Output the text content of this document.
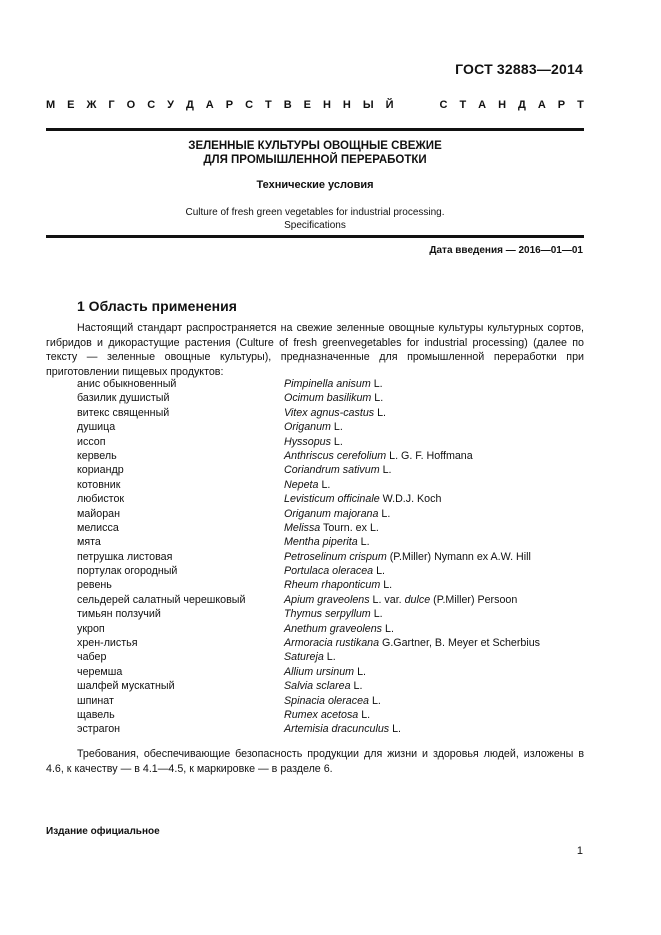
ГОСТ 32883—2014
М Е Ж Г О С У Д А Р С Т В Е Н Н Ы Й	С Т А Н Д А Р Т
ЗЕЛЕННЫЕ КУЛЬТУРЫ ОВОЩНЫЕ СВЕЖИЕ
ДЛЯ ПРОМЫШЛЕННОЙ ПЕРЕРАБОТКИ
Технические условия
Culture of fresh green vegetables for industrial processing.
Specifications
Дата введения — 2016—01—01
1 Область применения

Настоящий стандарт распространяется на свежие зеленные овощные культуры культурных сортов, гибридов и дикорастущие растения (Culture of fresh greenvegetables for industrial processing) (далее по тексту — зеленные овощные культуры), предназначенные для промышленной переработки при приготовлении пищевых продуктов:

анис обыкновенный	Pimpinella anisum L.
базилик душистый	Ocimum basilikum L.
витекс священный	Vitex agnus-castus L.
душица	Origanum L.
иссоп	Hyssopus L.
кервель	Anthriscus cerefolium L. G. F. Hoffmana
кориандр	Coriandrum sativum L.
котовник	Nepeta L.
любисток	Levisticum officinale W.D.J. Koch
майоран	Origanum majorana L.
мелисса	Melissa Tourn. ex L.
мята	Mentha piperita L.
петрушка листовая	Petroselinum crispum (P.Miller) Nymann ex A.W. Hill
портулак огородный	Portulaca oleracea L.
ревень	Rheum rhaponticum L.
сельдерей салатный черешковый	Apium graveolens L. var. dulce (P.Miller) Persoon
тимьян ползучий	Thymus serpyllum L.
укроп	Anethum graveolens L.
хрен-листья	Armoracia rustikana G.Gartner, B. Meyer et Scherbius
чабер	Satureja L.
черемша	Allium ursinum L.
шалфей мускатный	Salvia sclarea L.
шпинат	Spinacia oleracea L.
щавель	Rumex acetosa L.
эстрагон	Artemisia dracunculus L.

Требования, обеспечивающие безопасность продукции для жизни и здоровья людей, изложены в 4.6, к качеству — в 4.1—4.5, к маркировке — в разделе 6.

Издание официальное
1
